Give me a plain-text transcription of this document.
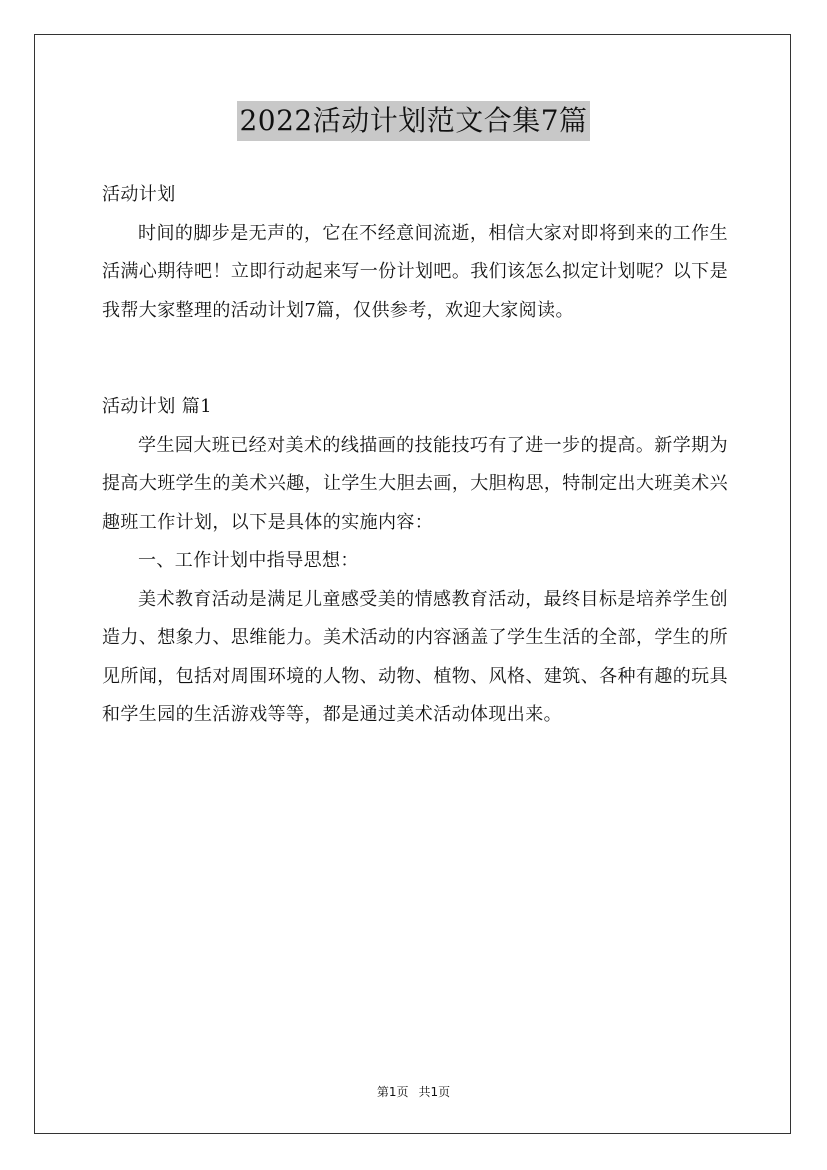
2022活动计划范文合集7篇

活动计划

时间的脚步是无声的，它在不经意间流逝，相信大家对即将到来的工作生活满心期待吧！立即行动起来写一份计划吧。我们该怎么拟定计划呢？以下是我帮大家整理的活动计划7篇，仅供参考，欢迎大家阅读。

活动计划 篇1

学生园大班已经对美术的线描画的技能技巧有了进一步的提高。新学期为提高大班学生的美术兴趣，让学生大胆去画，大胆构思，特制定出大班美术兴趣班工作计划，以下是具体的实施内容：

一、工作计划中指导思想：

美术教育活动是满足儿童感受美的情感教育活动，最终目标是培养学生创造力、想象力、思维能力。美术活动的内容涵盖了学生生活的全部，学生的所见所闻，包括对周围环境的人物、动物、植物、风格、建筑、各种有趣的玩具和学生园的生活游戏等等，都是通过美术活动体现出来。

第1页 共1页
